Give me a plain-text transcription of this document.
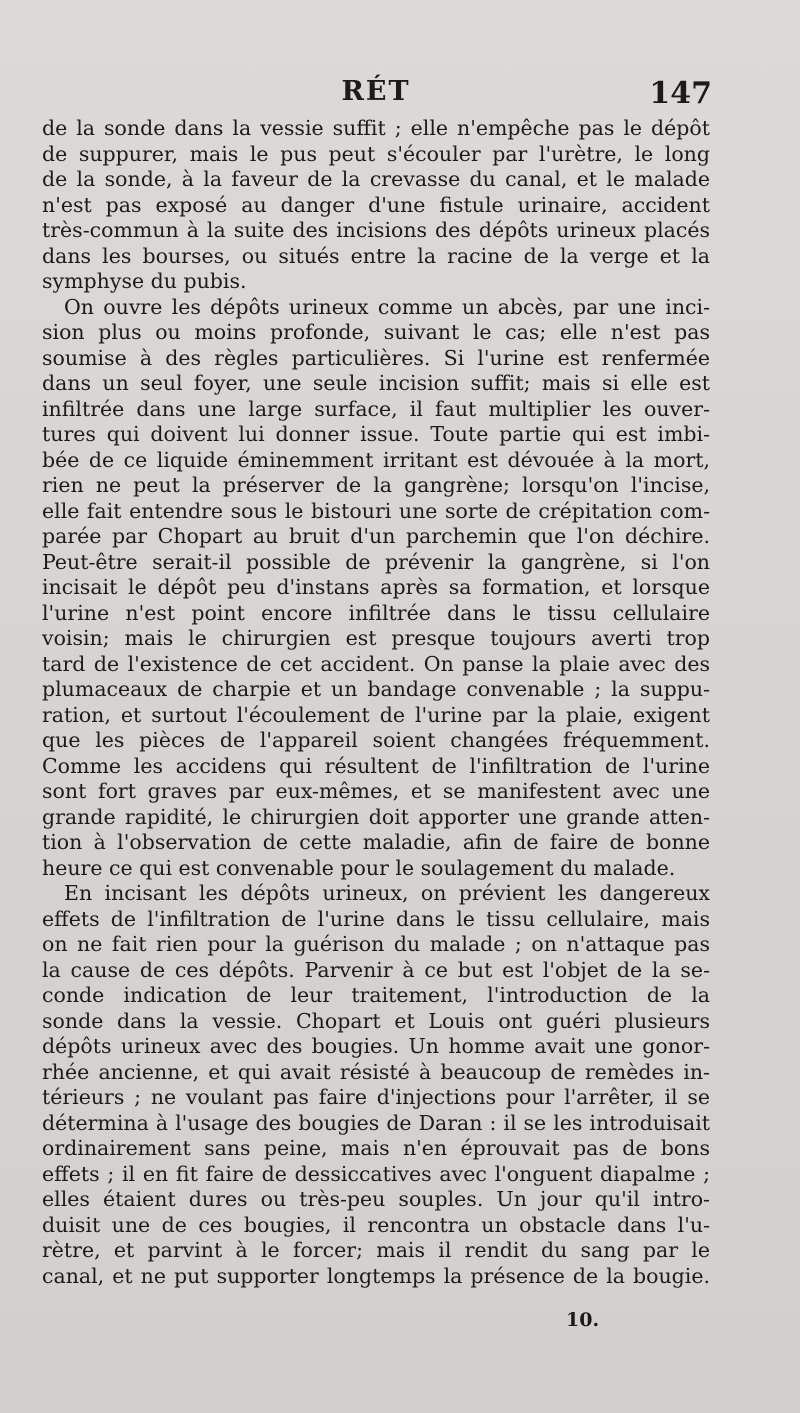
RÉT	147
de la sonde dans la vessie suffit ; elle n'empêche pas le dépôt
de suppurer, mais le pus peut s'écouler par l'urètre, le long
de la sonde, à la faveur de la crevasse du canal, et le malade
n'est pas exposé au danger d'une fistule urinaire, accident
très-commun à la suite des incisions des dépôts urineux placés
dans les bourses, ou situés entre la racine de la verge et la
symphyse du pubis.
On ouvre les dépôts urineux comme un abcès, par une inci-
sion plus ou moins profonde, suivant le cas; elle n'est pas
soumise à des règles particulières. Si l'urine est renfermée
dans un seul foyer, une seule incision suffit; mais si elle est
infiltrée dans une large surface, il faut multiplier les ouver-
tures qui doivent lui donner issue. Toute partie qui est imbi-
bée de ce liquide éminemment irritant est dévouée à la mort,
rien ne peut la préserver de la gangrène; lorsqu'on l'incise,
elle fait entendre sous le bistouri une sorte de crépitation com-
parée par Chopart au bruit d'un parchemin que l'on déchire.
Peut-être serait-il possible de prévenir la gangrène, si l'on
incisait le dépôt peu d'instans après sa formation, et lorsque
l'urine n'est point encore infiltrée dans le tissu cellulaire
voisin; mais le chirurgien est presque toujours averti trop
tard de l'existence de cet accident. On panse la plaie avec des
plumaceaux de charpie et un bandage convenable ; la suppu-
ration, et surtout l'écoulement de l'urine par la plaie, exigent
que les pièces de l'appareil soient changées fréquemment.
Comme les accidens qui résultent de l'infiltration de l'urine
sont fort graves par eux-mêmes, et se manifestent avec une
grande rapidité, le chirurgien doit apporter une grande atten-
tion à l'observation de cette maladie, afin de faire de bonne
heure ce qui est convenable pour le soulagement du malade.
En incisant les dépôts urineux, on prévient les dangereux
effets de l'infiltration de l'urine dans le tissu cellulaire, mais
on ne fait rien pour la guérison du malade ; on n'attaque pas
la cause de ces dépôts. Parvenir à ce but est l'objet de la se-
conde indication de leur traitement, l'introduction de la
sonde dans la vessie. Chopart et Louis ont guéri plusieurs
dépôts urineux avec des bougies. Un homme avait une gonor-
rhée ancienne, et qui avait résisté à beaucoup de remèdes in-
térieurs ; ne voulant pas faire d'injections pour l'arrêter, il se
détermina à l'usage des bougies de Daran : il se les introduisait
ordinairement sans peine, mais n'en éprouvait pas de bons
effets ; il en fit faire de dessiccatives avec l'onguent diapalme ;
elles étaient dures ou très-peu souples. Un jour qu'il intro-
duisit une de ces bougies, il rencontra un obstacle dans l'u-
rètre, et parvint à le forcer; mais il rendit du sang par le
canal, et ne put supporter longtemps la présence de la bougie.
10.
